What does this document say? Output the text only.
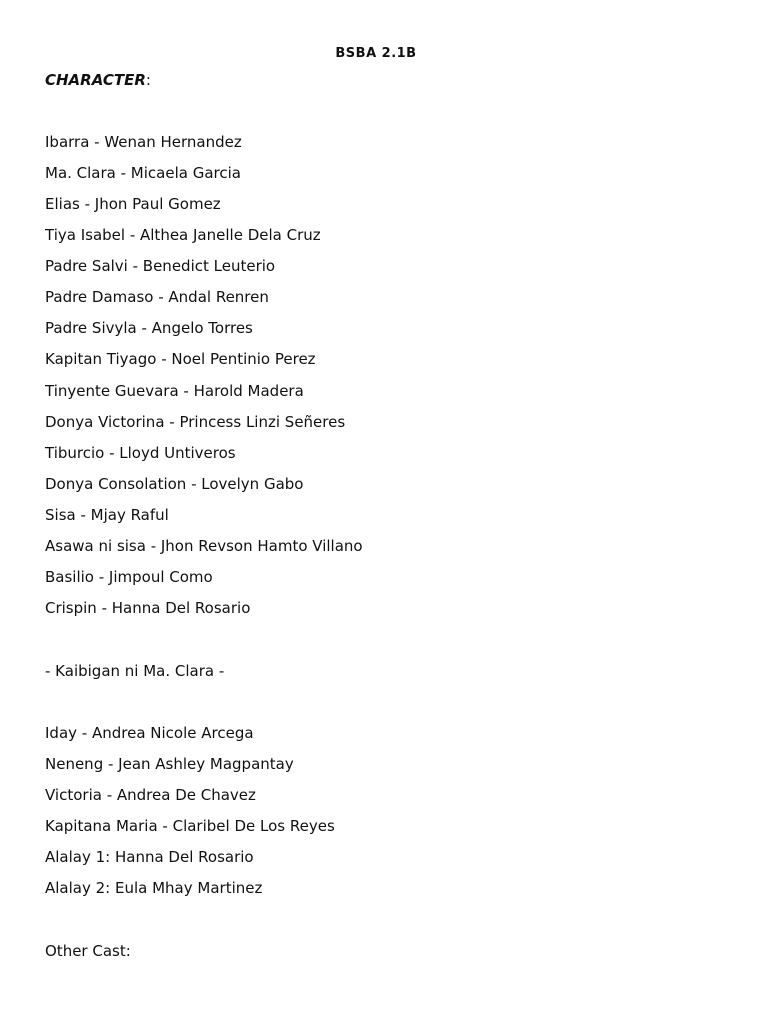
BSBA 2.1B

CHARACTER:

Ibarra - Wenan Hernandez
Ma. Clara - Micaela Garcia
Elias - Jhon Paul Gomez
Tiya Isabel - Althea Janelle Dela Cruz
Padre Salvi - Benedict Leuterio
Padre Damaso - Andal Renren
Padre Sivyla - Angelo Torres
Kapitan Tiyago - Noel Pentinio Perez
Tinyente Guevara - Harold Madera
Donya Victorina - Princess Linzi Señeres
Tiburcio - Lloyd Untiveros
Donya Consolation - Lovelyn Gabo
Sisa - Mjay Raful
Asawa ni sisa - Jhon Revson Hamto Villano
Basilio - Jimpoul Como
Crispin - Hanna Del Rosario
- Kaibigan ni Ma. Clara -
Iday - Andrea Nicole Arcega
Neneng - Jean Ashley Magpantay
Victoria - Andrea De Chavez
Kapitana Maria - Claribel De Los Reyes
Alalay 1: Hanna Del Rosario
Alalay 2: Eula Mhay Martinez
Other Cast:
